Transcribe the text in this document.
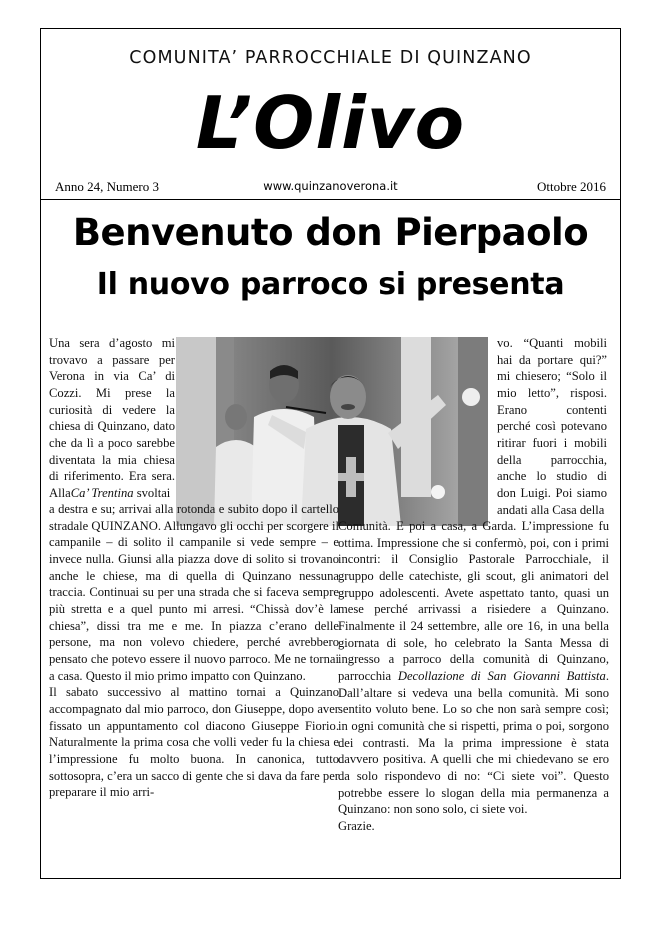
COMUNITA’ PARROCCHIALE DI QUINZANO
L’Olivo
Anno 24, Numero 3	www.quinzanoverona.it	Ottobre 2016
Benvenuto don Pierpaolo
Il nuovo parroco si presenta

Una sera d’agosto mi trovavo a passare per Verona in via Ca’ di Cozzi. Mi prese la curiosità di vedere la chiesa di Quinzano, dato che da lì a poco sarebbe diventata la mia chiesa di riferimento. Era sera. AllaCa’ Trentina svoltai

vo. “Quanti mobili hai da portare qui?” mi chiesero; “Solo il mio letto”, risposi. Erano contenti perché così potevano ritirar fuori i mobili della parrocchia, anche lo studio di don Luigi. Poi siamo andati alla Casa della

a destra e su; arrivai alla rotonda e subito dopo il cartello stradale QUINZANO. Allungavo gli occhi per scorgere il campanile – di solito il campanile si vede sempre – e invece nulla. Giunsi alla piazza dove di solito si trovano anche le chiese, ma di quella di Quinzano nessuna traccia. Continuai su per una strada che si faceva sempre più stretta e a quel punto mi arresi. “Chissà dov’è la chiesa”, dissi tra me e me. In piazza c’erano delle persone, ma non volevo chiedere, perché avrebbero pensato che potevo essere il nuovo parroco. Me ne tornai a casa. Questo il mio primo impatto con Quinzano.

Il sabato successivo al mattino tornai a Quinzano accompagnato dal mio parroco, don Giuseppe, dopo aver fissato un appuntamento col diacono Giuseppe Fiorio. Naturalmente la prima cosa che volli veder fu la chiesa e l’impressione fu molto buona. In canonica, tutto sottosopra, c’era un sacco di gente che si dava da fare per preparare il mio arri-

Comunità. E poi a casa, a Garda. L’impressione fu ottima. Impressione che si confermò, poi, con i primi incontri: il Consiglio Pastorale Parrocchiale, il gruppo delle catechiste, gli scout, gli animatori del gruppo adolescenti. Avete aspettato tanto, quasi un mese perché arrivassi a risiedere a Quinzano. Finalmente il 24 settembre, alle ore 16, in una bella giornata di sole, ho celebrato la Santa Messa di ingresso a parroco della comunità di Quinzano, parrocchia Decollazione di San Giovanni Battista. Dall’altare si vedeva una bella comunità. Mi sono sentito voluto bene. Lo so che non sarà sempre così; in ogni comunità che si rispetti, prima o poi, sorgono dei contrasti. Ma la prima impressione è stata davvero positiva. A quelli che mi chiedevano se ero da solo rispondevo di no: “Ci siete voi”. Questo potrebbe essere lo slogan della mia permanenza a Quinzano: non sono solo, ci siete voi.

Grazie.
